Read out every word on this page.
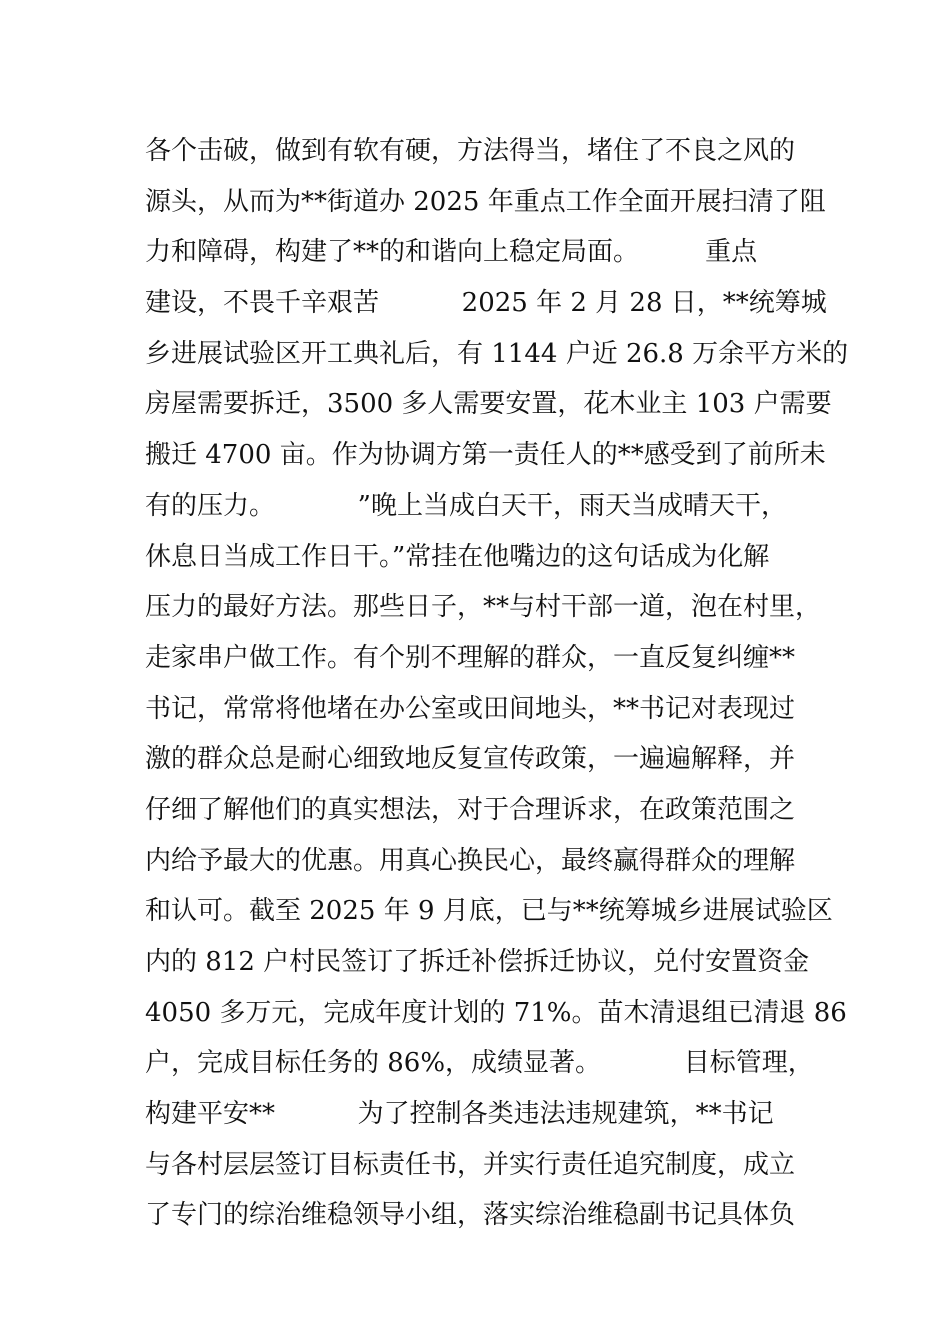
各个击破，做到有软有硬，方法得当，堵住了不良之风的
源头，从而为**街道办 2025 年重点工作全面开展扫清了阻
力和障碍，构建了**的和谐向上稳定局面。        重点
建设，不畏千辛艰苦          2025 年 2 月 28 日，**统筹城
乡进展试验区开工典礼后，有 1144 户近 26.8 万余平方米的
房屋需要拆迁，3500 多人需要安置，花木业主 103 户需要
搬迁 4700 亩。作为协调方第一责任人的**感受到了前所未
有的压力。          ”晚上当成白天干，雨天当成晴天干，
休息日当成工作日干。”常挂在他嘴边的这句话成为化解
压力的最好方法。那些日子，**与村干部一道，泡在村里，
走家串户做工作。有个别不理解的群众，一直反复纠缠**
书记，常常将他堵在办公室或田间地头，**书记对表现过
激的群众总是耐心细致地反复宣传政策，一遍遍解释，并
仔细了解他们的真实想法，对于合理诉求，在政策范围之
内给予最大的优惠。用真心换民心，最终赢得群众的理解
和认可。截至 2025 年 9 月底，已与**统筹城乡进展试验区
内的 812 户村民签订了拆迁补偿拆迁协议，兑付安置资金
4050 多万元，完成年度计划的 71%。苗木清退组已清退 86
户，完成目标任务的 86%，成绩显著。          目标管理，
构建平安**          为了控制各类违法违规建筑，**书记
与各村层层签订目标责任书，并实行责任追究制度，成立
了专门的综治维稳领导小组，落实综治维稳副书记具体负
